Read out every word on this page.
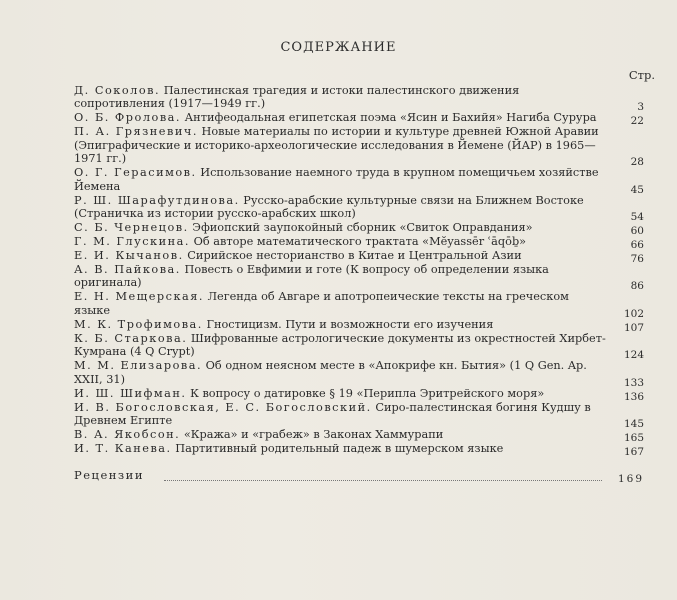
СОДЕРЖАНИЕ
Стр.
Д. Соколов. Палестинская трагедия и истоки палестинского движения сопротивления (1917—1949 гг.)	3
О. Б. Фролова. Антифеодальная египетская поэма «Ясин и Бахийя» Нагиба Сурура	22
П. А. Грязневич. Новые материалы по истории и культуре древней Южной Аравии (Эпиграфические и историко-археологические исследования в Йемене (ЙАР) в 1965—1971 гг.)	28
О. Г. Герасимов. Использование наемного труда в крупном помещичьем хозяйстве Йемена	45
Р. Ш. Шарафутдинова. Русско-арабские культурные связи на Ближнем Востоке (Страничка из истории русско-арабских школ)	54
С. Б. Чернецов. Эфиопский заупокойный сборник «Свиток Оправдания»	60
Г. М. Глускина. Об авторе математического трактата «Mĕyassēr ʿāqōḇ»	66
Е. И. Кычанов. Сирийское несторианство в Китае и Центральной Азии	76
А. В. Пайкова. Повесть о Евфимии и готе (К вопросу об определении языка оригинала)	86
Е. Н. Мещерская. Легенда об Авгаре и апотропеические тексты на греческом языке	102
М. К. Трофимова. Гностицизм. Пути и возможности его изучения	107
К. Б. Старкова. Шифрованные астрологические документы из окрестностей Хирбет-Кумрана (4 Q Crypt)	124
М. М. Елизарова. Об одном неясном месте в «Апокрифе кн. Бытия» (1 Q Gen. Ap. XXII, 31)	133
И. Ш. Шифман. К вопросу о датировке § 19 «Перипла Эритрейского моря»	136
И. В. Богословская, Е. С. Богословский. Сиро-палестинская богиня Кудшу в Древнем Египте	145
В. А. Якобсон. «Кража» и «грабеж» в Законах Хаммурапи	165
И. Т. Канева. Партитивный родительный падеж в шумерском языке	167
Рецензии	169
